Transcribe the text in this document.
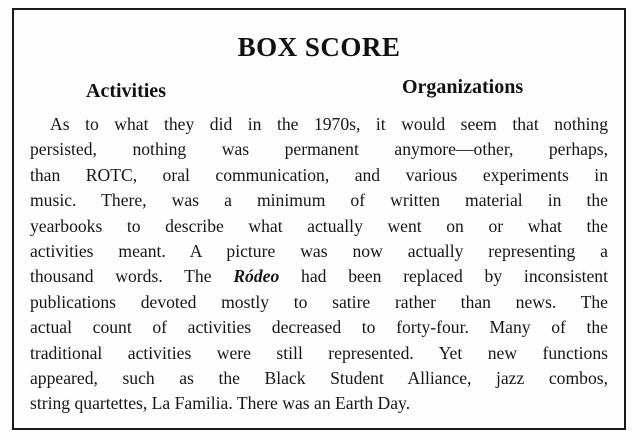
BOX SCORE
Activities	Organizations
As to what they did in the 1970s, it would seem that nothing
persisted, nothing was permanent anymore—other, perhaps,
than ROTC, oral communication, and various experiments in
music. There, was a minimum of written material in the
yearbooks to describe what actually went on or what the
activities meant. A picture was now actually representing a
thousand words. The Ródeo had been replaced by inconsistent
publications devoted mostly to satire rather than news. The
actual count of activities decreased to forty-four. Many of the
traditional activities were still represented. Yet new functions
appeared, such as the Black Student Alliance, jazz combos,
string quartettes, La Familia. There was an Earth Day.
